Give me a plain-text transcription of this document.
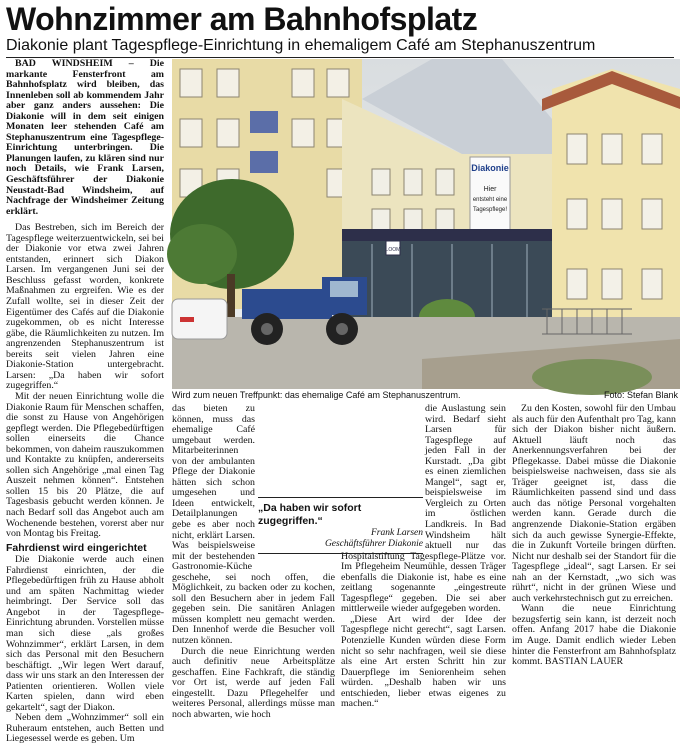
Wohnzimmer am Bahnhofsplatz
Diakonie plant Tagespflege-Einrichtung in ehemaligem Café am Stephanuszentrum

BAD WINDSHEIM – Die markante Fensterfront am Bahnhofsplatz wird bleiben, das Innenleben soll ab kommendem Jahr aber ganz anders aussehen: Die Diakonie will in dem seit einigen Monaten leer stehenden Café am Stephanuszentrum eine Tagespflege-Einrichtung unterbringen. Die Planungen laufen, zu klären sind nur noch Details, wie Frank Larsen, Geschäftsführer der Diakonie Neustadt-Bad Windsheim, auf Nachfrage der Windsheimer Zeitung erklärt.

Das Bestreben, sich im Bereich der Tagespflege weiterzuentwickeln, sei bei der Diakonie vor etwa zwei Jahren entstanden, erinnert sich Diakon Larsen. Im vergangenen Juni sei der Beschluss gefasst worden, konkrete Maßnahmen zu ergreifen. Wie es der Zufall wollte, sei in dieser Zeit der Eigentümer des Cafés auf die Diakonie zugekommen, ob es nicht Interesse gäbe, die Räumlichkeiten zu nutzen. Im angrenzenden Stephanuszentrum ist bereits seit vielen Jahren eine Diakonie-Station untergebracht. Larsen: „Da haben wir sofort zugegriffen.“

Mit der neuen Einrichtung wolle die Diakonie Raum für Menschen schaffen, die sonst zu Hause von Angehörigen gepflegt werden. Die Pflegebedürftigen sollen einerseits die Chance bekommen, von daheim rauszukommen und Kontakte zu knüpfen, andererseits sollen sich Angehörige „mal einen Tag Auszeit nehmen können“. Entstehen sollen 15 bis 20 Plätze, die auf Tagesbasis gebucht werden können. Je nach Bedarf soll das Angebot auch am Wochenende bestehen, vorerst aber nur von Montag bis Freitag.

Fahrdienst wird eingerichtet

Die Diakonie werde auch einen Fahrdienst einrichten, der die Pflegebedürftigen früh zu Hause abholt und am späten Nachmittag wieder heimbringt. Der Service soll das Angebot in der Tagespflege-Einrichtung abrunden. Vorstellen müsse man sich diese „als großes Wohnzimmer“, erklärt Larsen, in dem sich das Personal mit den Besuchern beschäftigt. „Wir legen Wert darauf, dass wir uns stark an den Interessen der Patienten orientieren. Wollen viele Karten spielen, dann wird eben gekartelt“, sagt der Diakon.

Neben dem „Wohnzimmer“ soll ein Ruheraum entstehen, auch Betten und Liegesessel werde es geben. Um

Diakonie
Hier
entsteht eine
Tagespflege!
LOOM
Wird zum neuen Treffpunkt: das ehemalige Café am Stephanuszentrum.	Foto: Stefan Blank

das bieten zu können, muss das ehemalige Café umgebaut werden. Mitarbeiterinnen von der ambulanten Pflege der Diakonie hätten sich schon umgesehen und Ideen entwickelt, Detailplanungen gebe es aber noch nicht, erklärt Larsen. Was beispielsweise mit der bestehenden Gastronomie-Küche geschehe, sei noch offen, die Möglichkeit, zu backen oder zu kochen, soll den Besuchern aber in jedem Fall gegeben sein. Die sanitären Anlagen müssen komplett neu gemacht werden. Den Innenhof werde die Besucher voll nutzen können.

Durch die neue Einrichtung werden auch definitiv neue Arbeitsplätze geschaffen. Eine Fachkraft, die ständig vor Ort ist, werde auf jeden Fall eingestellt. Dazu Pflegehelfer und weiteres Personal, allerdings müsse man noch abwarten, wie hoch

die Auslastung sein wird. Bedarf sieht Larsen für Tagespflege auf jeden Fall in der Kurstadt. „Da gibt es einen ziemlichen Mangel“, sagt er, beispielsweise im Vergleich zu Orten im östlichen Landkreis. In Bad Windsheim hält aktuell nur das Hospitalstiftung Tagespflege-Plätze vor. Im Pflegeheim Neumühle, dessen Träger ebenfalls die Diakonie ist, habe es eine zeitlang sogenannte „eingestreute Tagespflege“ gegeben. Die sei aber mittlerweile wieder aufgegeben worden.

„Diese Art wird der Idee der Tagespflege nicht gerecht“, sagt Larsen. Potenzielle Kunden würden diese Form nicht so sehr nachfragen, weil sie diese als eine Art ersten Schritt hin zur Dauerpflege im Seniorenheim sehen würden. „Deshalb haben wir uns entschieden, lieber etwas eigenes zu machen.“

„Da haben wir sofort zugegriffen.“
Frank Larsen
Geschäftsführer Diakonie

Zu den Kosten, sowohl für den Umbau als auch für den Aufenthalt pro Tag, kann sich der Diakon bisher nicht äußern. Aktuell läuft noch das Anerkennungsverfahren bei der Pflegekasse. Dabei müsse die Diakonie beispielsweise nachweisen, dass sie als Träger geeignet ist, dass die Räumlichkeiten passend sind und dass auch das nötige Personal vorgehalten werden kann. Gerade durch die angrenzende Diakonie-Station ergäben sich da auch gewisse Synergie-Effekte, die in Zukunft Vorteile bringen dürften. Nicht nur deshalb sei der Standort für die Tagespflege „ideal“, sagt Larsen. Er sei nah an der Kernstadt, „wo sich was rührt“, nicht in der grünen Wiese und auch verkehrstechnisch gut zu erreichen.

Wann die neue Einrichtung bezugsfertig sein kann, ist derzeit noch offen. Anfang 2017 habe die Diakonie im Auge. Damit endlich wieder Leben hinter die Fensterfront am Bahnhofsplatz kommt. BASTIAN LAUER
